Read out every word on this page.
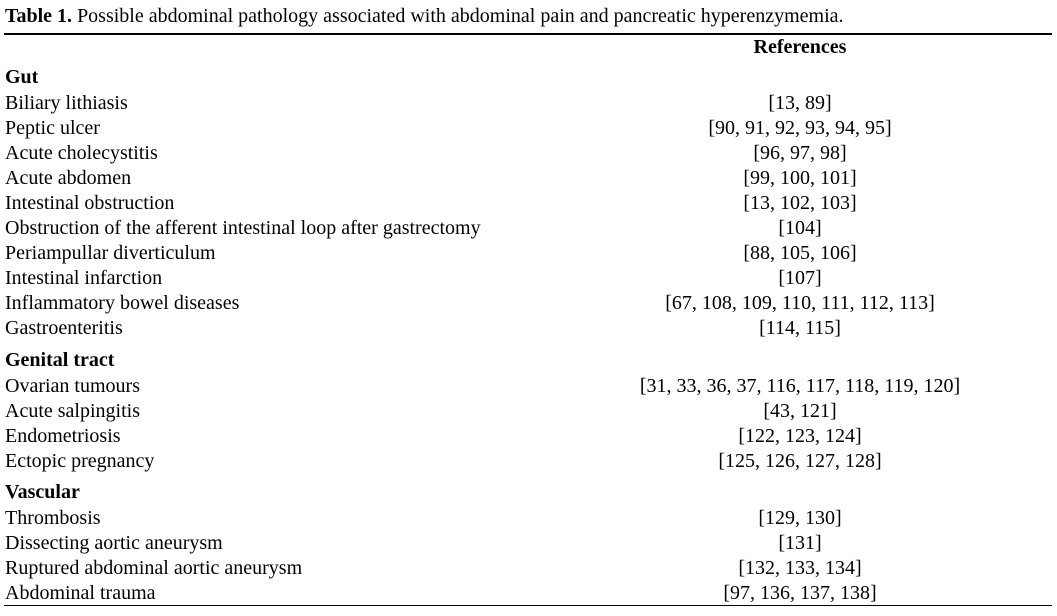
Table 1. Possible abdominal pathology associated with abdominal pain and pancreatic hyperenzymemia.
References
Gut
Biliary lithiasis	[13, 89]
Peptic ulcer	[90, 91, 92, 93, 94, 95]
Acute cholecystitis	[96, 97, 98]
Acute abdomen	[99, 100, 101]
Intestinal obstruction	[13, 102, 103]
Obstruction of the afferent intestinal loop after gastrectomy	[104]
Periampullar diverticulum	[88, 105, 106]
Intestinal infarction	[107]
Inflammatory bowel diseases	[67, 108, 109, 110, 111, 112, 113]
Gastroenteritis	[114, 115]
Genital tract
Ovarian tumours	[31, 33, 36, 37, 116, 117, 118, 119, 120]
Acute salpingitis	[43, 121]
Endometriosis	[122, 123, 124]
Ectopic pregnancy	[125, 126, 127, 128]
Vascular
Thrombosis	[129, 130]
Dissecting aortic aneurysm	[131]
Ruptured abdominal aortic aneurysm	[132, 133, 134]
Abdominal trauma	[97, 136, 137, 138]
